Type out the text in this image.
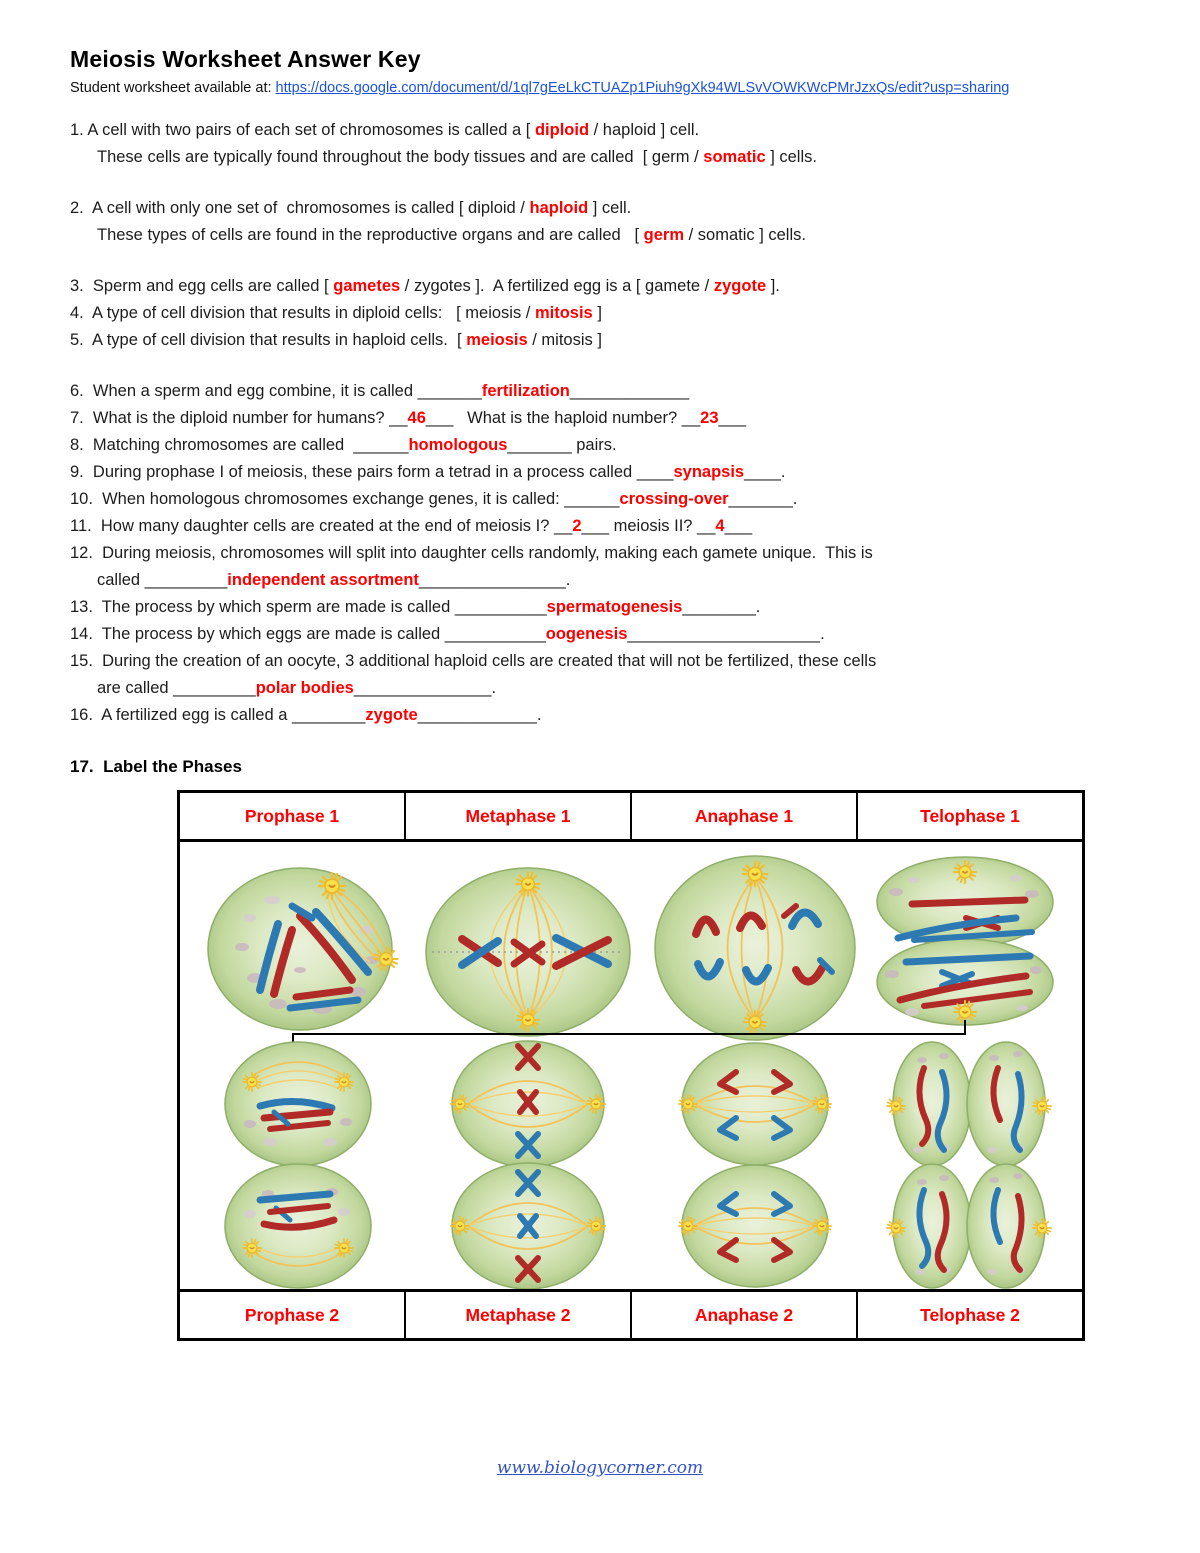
Meiosis Worksheet Answer Key
Student worksheet available at: https://docs.google.com/document/d/1ql7gEeLkCTUAZp1Piuh9gXk94WLSvVOWKWcPMrJzxQs/edit?usp=sharing
1. A cell with two pairs of each set of chromosomes is called a [ diploid / haploid ] cell.
These cells are typically found throughout the body tissues and are called  [ germ / somatic ] cells.
2.  A cell with only one set of  chromosomes is called [ diploid / haploid ] cell.
These types of cells are found in the reproductive organs and are called   [ germ / somatic ] cells.
3.  Sperm and egg cells are called [ gametes / zygotes ].  A fertilized egg is a [ gamete / zygote ].
4.  A type of cell division that results in diploid cells:   [ meiosis / mitosis ]
5.  A type of cell division that results in haploid cells.  [ meiosis / mitosis ]
6.  When a sperm and egg combine, it is called _______fertilization_____________
7.  What is the diploid number for humans? __46___   What is the haploid number? __23___
8.  Matching chromosomes are called  ______homologous_______ pairs.
9.  During prophase I of meiosis, these pairs form a tetrad in a process called ____synapsis____.
10.  When homologous chromosomes exchange genes, it is called: ______crossing-over_______.
11.  How many daughter cells are created at the end of meiosis I? __2___ meiosis II? __4___
12.  During meiosis, chromosomes will split into daughter cells randomly, making each gamete unique.  This is
called _________independent assortment________________.
13.  The process by which sperm are made is called __________spermatogenesis________.
14.  The process by which eggs are made is called ___________oogenesis_____________________.
15.  During the creation of an oocyte, 3 additional haploid cells are created that will not be fertilized, these cells
are called _________polar bodies_______________.
16.  A fertilized egg is called a ________zygote_____________.
17.  Label the Phases
Prophase 1	Metaphase 1	Anaphase 1	Telophase 1
Prophase 2	Metaphase 2	Anaphase 2	Telophase 2
www.biologycorner.com
